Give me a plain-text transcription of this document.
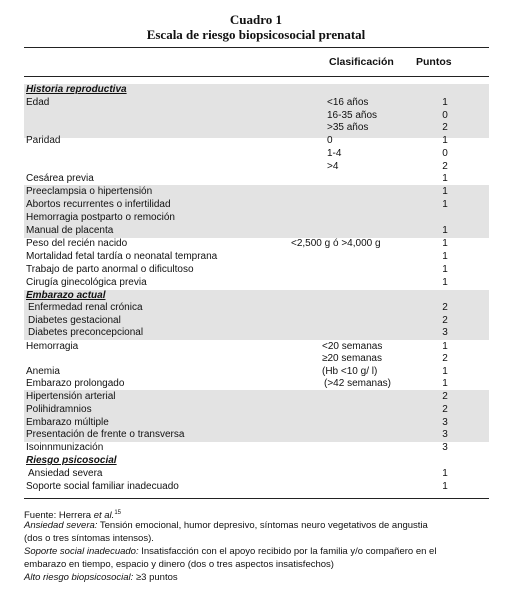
Cuadro 1
Escala de riesgo biopsicosocial prenatal
Clasificación Puntos
Historia reproductiva
Edad	<16 años	1
16-35 años	0
>35 años	2
Paridad	0	1
1-4	0
>4	2
Cesárea previa	1
Preeclampsia o hipertensión	1
Abortos recurrentes o infertilidad	1
Hemorragia postparto o remoción
Manual de placenta	1
Peso del recién nacido	<2,500 g ó >4,000 g	1
Mortalidad fetal tardía o neonatal temprana	1
Trabajo de parto anormal o dificultoso	1
Cirugía ginecológica previa	1
Embarazo actual
Enfermedad renal crónica	2
Diabetes gestacional	2
Diabetes preconcepcional	3
Hemorragia	<20 semanas	1
≥20 semanas	2
Anemia	(Hb <10 g/ l)	1
Embarazo prolongado	(>42 semanas)	1
Hipertensión arterial	2
Polihidramnios	2
Embarazo múltiple	3
Presentación de frente o transversa	3
Isoinnmunización	3
Riesgo psicosocial
Ansiedad severa	1
Soporte social familiar inadecuado	1
Fuente: Herrera et al.$^{15}$
Ansiedad severa: Tensión emocional, humor depresivo, síntomas neuro vegetativos de angustia
(dos o tres síntomas intensos).
Soporte social inadecuado: Insatisfacción con el apoyo recibido por la familia y/o compañero en el
embarazo en tiempo, espacio y dinero (dos o tres aspectos insatisfechos)
Alto riesgo biopsicosocial: ≥3 puntos
